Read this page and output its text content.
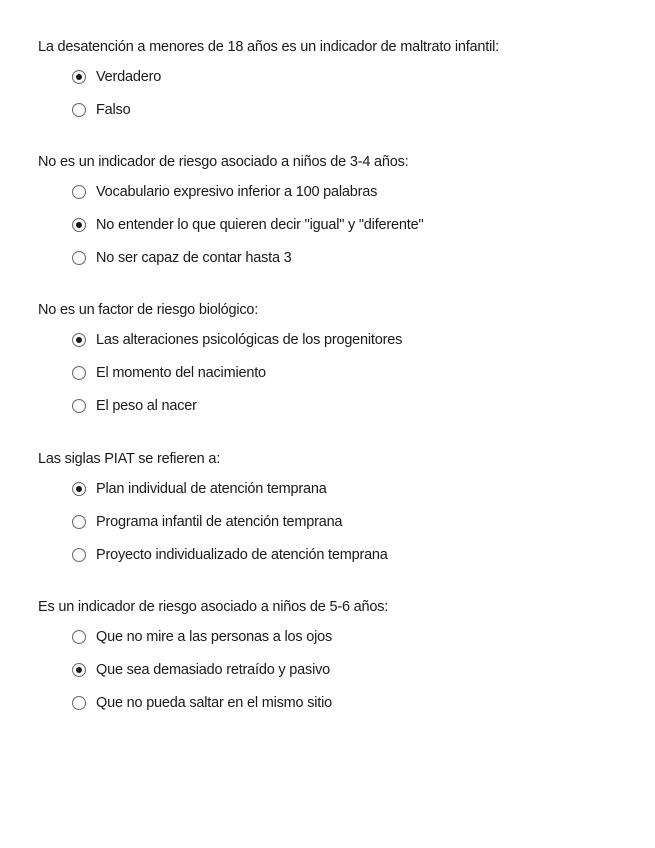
La desatención a menores de 18 años es un indicador de maltrato infantil:
Verdadero
Falso
No es un indicador de riesgo asociado a niños de 3-4 años:
Vocabulario expresivo inferior a 100 palabras
No entender lo que quieren decir "igual" y "diferente"
No ser capaz de contar hasta 3
No es un factor de riesgo biológico:
Las alteraciones psicológicas de los progenitores
El momento del nacimiento
El peso al nacer
Las siglas PIAT se refieren a:
Plan individual de atención temprana
Programa infantil de atención temprana
Proyecto individualizado de atención temprana
Es un indicador de riesgo asociado a niños de 5-6 años:
Que no mire a las personas a los ojos
Que sea demasiado retraído y pasivo
Que no pueda saltar en el mismo sitio
